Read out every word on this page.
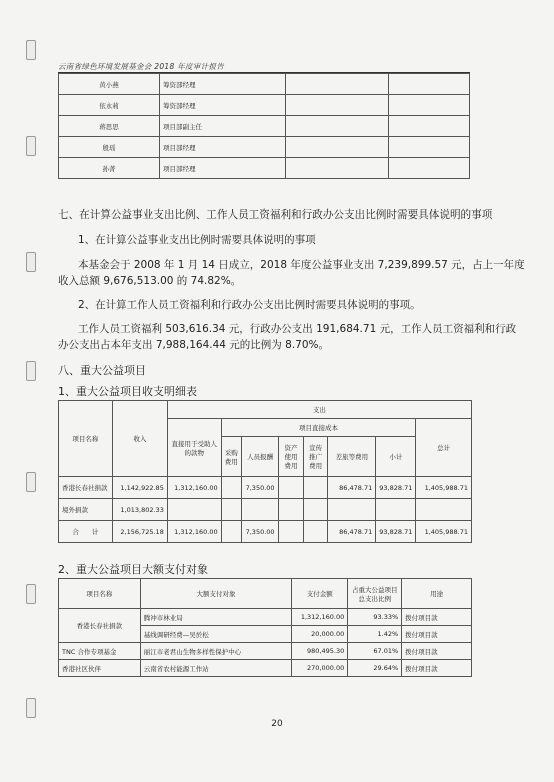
云南省绿色环境发展基金会 2018 年度审计报告
黄小燕	筹资部经理		
依永莉	筹资部经理		
蒋思思	项目部副主任		
殷瑶	项目部经理		
孙菁	项目部经理		
七、在计算公益事业支出比例、工作人员工资福利和行政办公支出比例时需要具体说明的事项
1、在计算公益事业支出比例时需要具体说明的事项
本基金会于 2008 年 1 月 14 日成立，2018 年度公益事业支出 7,239,899.57 元，占上一年度
收入总额 9,676,513.00 的 74.82%。
2、在计算工作人员工资福利和行政办公支出比例时需要具体说明的事项。
工作人员工资福利 503,616.34 元，行政办公支出 191,684.71 元，工作人员工资福利和行政
办公支出占本年支出 7,988,164.44 元的比例为 8.70%。
八、重大公益项目
1、重大公益项目收支明细表
项目名称	收入	支出							
		直接用于受助人的款物	项目直接成本						总计
			采购费用	人员报酬	资产使用费用	宣传推广费用	差旅等费用	小计	
香港长春社捐款	1,142,922.85	1,312,160.00		7,350.00			86,478.71	93,828.71	1,405,988.71
境外捐款	1,013,802.33								
合　　计	2,156,725.18	1,312,160.00		7,350.00			86,478.71	93,828.71	1,405,988.71
2、重大公益项目大额支付对象
项目名称	大额支付对象	支付金额	占重大公益项目总支出比例	用途
香港长春社捐款	腾冲市林业局	1,312,160.00	93.33%	拨付项目款
	基线调研经费—吴於松	20,000.00	1.42%	拨付项目款
TNC 合作专项基金	丽江市老君山生物多样性保护中心	980,495.30	67.01%	拨付项目款
香港社区伙伴	云南省农村能源工作站	270,000.00	29.64%	拨付项目款
20
